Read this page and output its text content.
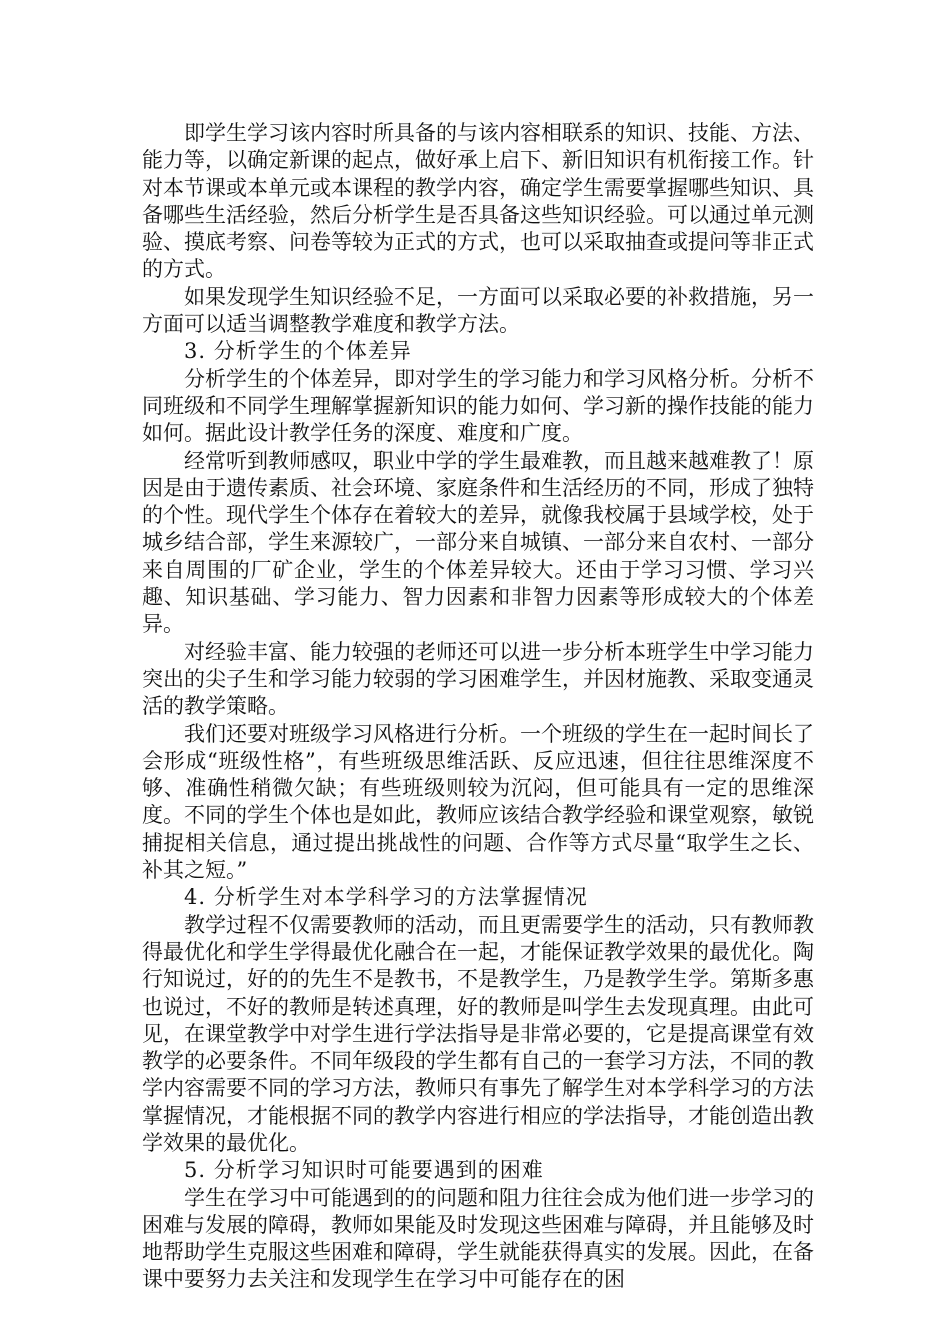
即学生学习该内容时所具备的与该内容相联系的知识、技能、方法、能力等，以确定新课的起点，做好承上启下、新旧知识有机衔接工作。针对本节课或本单元或本课程的教学内容，确定学生需要掌握哪些知识、具备哪些生活经验，然后分析学生是否具备这些知识经验。可以通过单元测验、摸底考察、问卷等较为正式的方式，也可以采取抽查或提问等非正式的方式。

如果发现学生知识经验不足，一方面可以采取必要的补救措施，另一方面可以适当调整教学难度和教学方法。

3. 分析学生的个体差异

分析学生的个体差异，即对学生的学习能力和学习风格分析。分析不同班级和不同学生理解掌握新知识的能力如何、学习新的操作技能的能力如何。据此设计教学任务的深度、难度和广度。

经常听到教师感叹，职业中学的学生最难教，而且越来越难教了！原因是由于遗传素质、社会环境、家庭条件和生活经历的不同，形成了独特的个性。现代学生个体存在着较大的差异，就像我校属于县域学校，处于城乡结合部，学生来源较广，一部分来自城镇、一部分来自农村、一部分来自周围的厂矿企业，学生的个体差异较大。还由于学习习惯、学习兴趣、知识基础、学习能力、智力因素和非智力因素等形成较大的个体差异。

对经验丰富、能力较强的老师还可以进一步分析本班学生中学习能力突出的尖子生和学习能力较弱的学习困难学生，并因材施教、采取变通灵活的教学策略。

我们还要对班级学习风格进行分析。一个班级的学生在一起时间长了会形成“班级性格”，有些班级思维活跃、反应迅速，但往往思维深度不够、准确性稍微欠缺；有些班级则较为沉闷，但可能具有一定的思维深度。不同的学生个体也是如此，教师应该结合教学经验和课堂观察，敏锐捕捉相关信息，通过提出挑战性的问题、合作等方式尽量“取学生之长、补其之短。”

4. 分析学生对本学科学习的方法掌握情况

教学过程不仅需要教师的活动，而且更需要学生的活动，只有教师教得最优化和学生学得最优化融合在一起，才能保证教学效果的最优化。陶行知说过，好的的先生不是教书，不是教学生，乃是教学生学。第斯多惠也说过，不好的教师是转述真理，好的教师是叫学生去发现真理。由此可见，在课堂教学中对学生进行学法指导是非常必要的，它是提高课堂有效教学的必要条件。不同年级段的学生都有自己的一套学习方法，不同的教学内容需要不同的学习方法，教师只有事先了解学生对本学科学习的方法掌握情况，才能根据不同的教学内容进行相应的学法指导，才能创造出教学效果的最优化。

5. 分析学习知识时可能要遇到的困难

学生在学习中可能遇到的的问题和阻力往往会成为他们进一步学习的困难与发展的障碍，教师如果能及时发现这些困难与障碍，并且能够及时地帮助学生克服这些困难和障碍，学生就能获得真实的发展。因此，在备课中要努力去关注和发现学生在学习中可能存在的困
